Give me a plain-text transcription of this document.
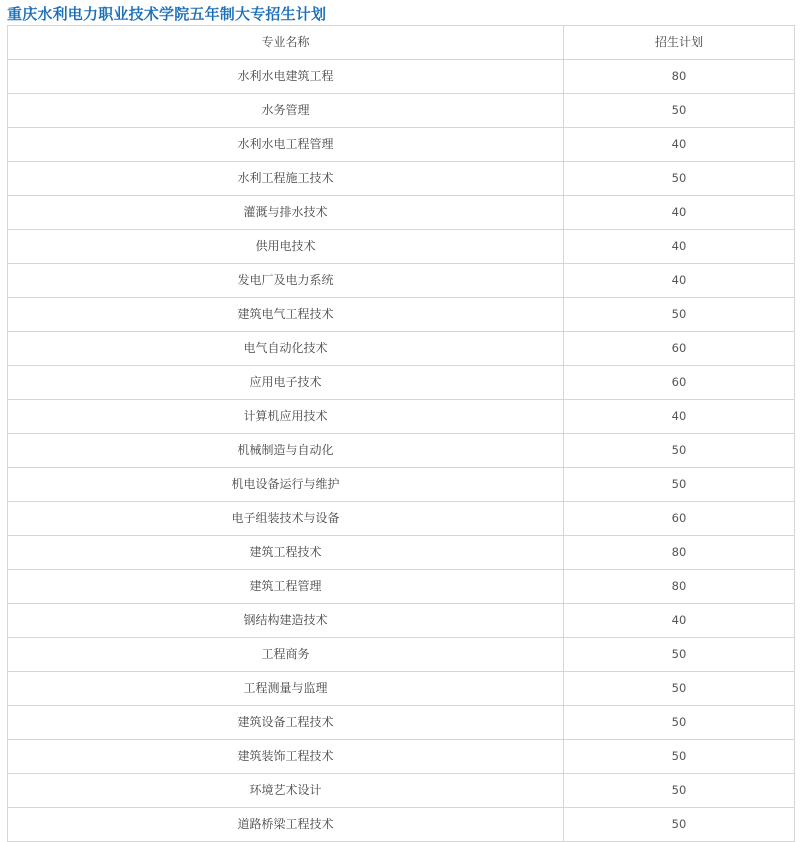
重庆水利电力职业技术学院五年制大专招生计划
专业名称	招生计划
水利水电建筑工程	80
水务管理	50
水利水电工程管理	40
水利工程施工技术	50
灌溉与排水技术	40
供用电技术	40
发电厂及电力系统	40
建筑电气工程技术	50
电气自动化技术	60
应用电子技术	60
计算机应用技术	40
机械制造与自动化	50
机电设备运行与维护	50
电子组装技术与设备	60
建筑工程技术	80
建筑工程管理	80
钢结构建造技术	40
工程商务	50
工程测量与监理	50
建筑设备工程技术	50
建筑装饰工程技术	50
环境艺术设计	50
道路桥梁工程技术	50
